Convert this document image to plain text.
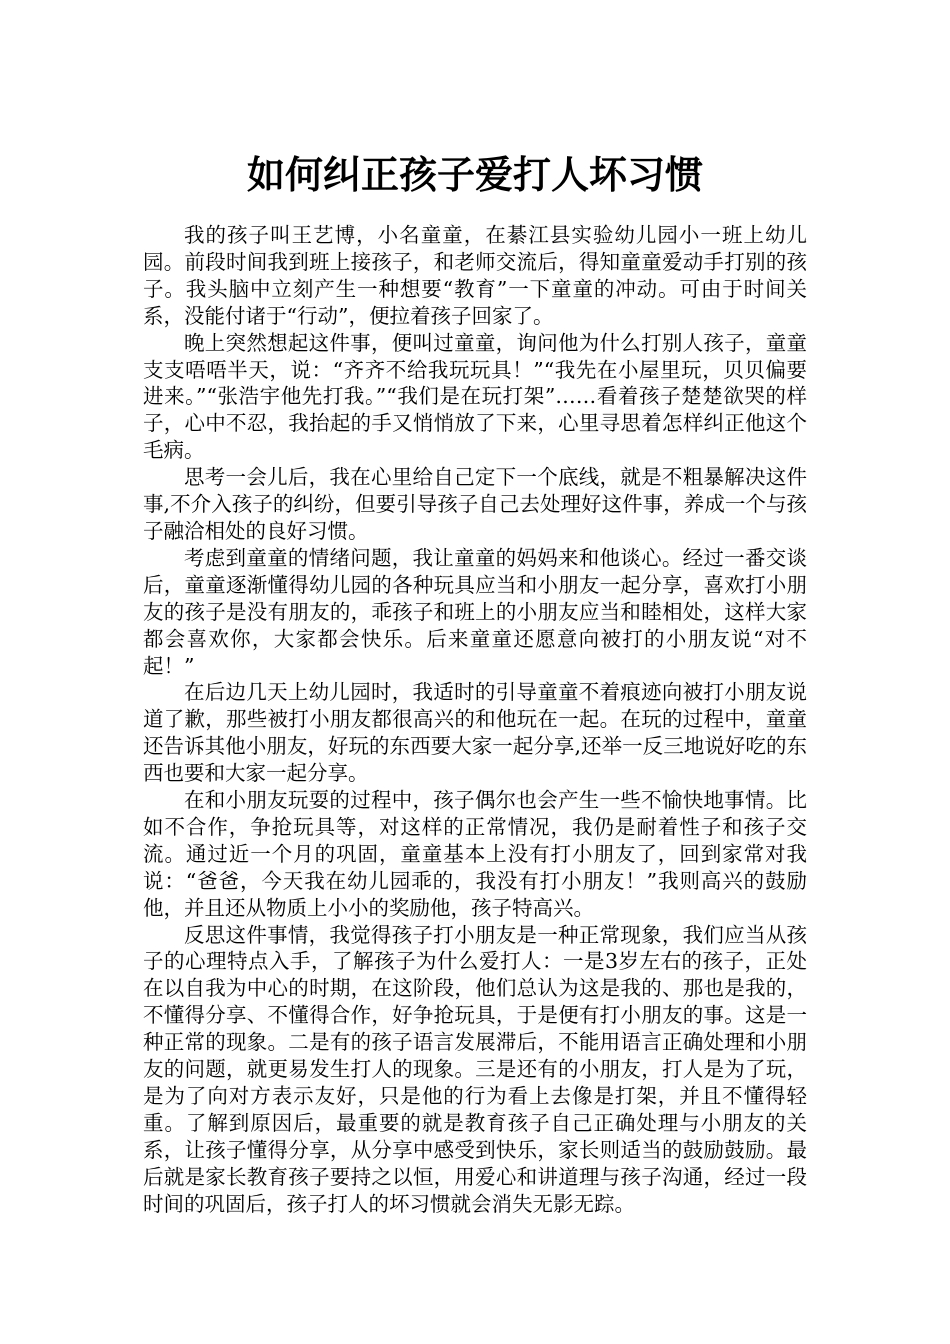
如何纠正孩子爱打人坏习惯

我的孩子叫王艺博，小名童童，在綦江县实验幼儿园小一班上幼儿园。前段时间我到班上接孩子，和老师交流后，得知童童爱动手打别的孩子。我头脑中立刻产生一种想要“教育”一下童童的冲动。可由于时间关系，没能付诸于“行动”，便拉着孩子回家了。

晚上突然想起这件事，便叫过童童，询问他为什么打别人孩子，童童支支唔唔半天，说：“齐齐不给我玩玩具！”“我先在小屋里玩，贝贝偏要进来。”“张浩宇他先打我。”“我们是在玩打架”……看着孩子楚楚欲哭的样子，心中不忍，我抬起的手又悄悄放了下来，心里寻思着怎样纠正他这个毛病。

思考一会儿后，我在心里给自己定下一个底线，就是不粗暴解决这件事,不介入孩子的纠纷，但要引导孩子自己去处理好这件事，养成一个与孩子融洽相处的良好习惯。

考虑到童童的情绪问题，我让童童的妈妈来和他谈心。经过一番交谈后，童童逐渐懂得幼儿园的各种玩具应当和小朋友一起分享，喜欢打小朋友的孩子是没有朋友的，乖孩子和班上的小朋友应当和睦相处，这样大家都会喜欢你，大家都会快乐。后来童童还愿意向被打的小朋友说“对不起！”

在后边几天上幼儿园时，我适时的引导童童不着痕迹向被打小朋友说道了歉，那些被打小朋友都很高兴的和他玩在一起。在玩的过程中，童童还告诉其他小朋友，好玩的东西要大家一起分享,还举一反三地说好吃的东西也要和大家一起分享。

在和小朋友玩耍的过程中，孩子偶尔也会产生一些不愉快地事情。比如不合作，争抢玩具等，对这样的正常情况，我仍是耐着性子和孩子交流。通过近一个月的巩固，童童基本上没有打小朋友了，回到家常对我说：“爸爸，今天我在幼儿园乖的，我没有打小朋友！”我则高兴的鼓励他，并且还从物质上小小的奖励他，孩子特高兴。

反思这件事情，我觉得孩子打小朋友是一种正常现象，我们应当从孩子的心理特点入手，了解孩子为什么爱打人：一是3岁左右的孩子，正处在以自我为中心的时期，在这阶段，他们总认为这是我的、那也是我的，不懂得分享、不懂得合作，好争抢玩具，于是便有打小朋友的事。这是一种正常的现象。二是有的孩子语言发展滞后，不能用语言正确处理和小朋友的问题，就更易发生打人的现象。三是还有的小朋友，打人是为了玩，是为了向对方表示友好，只是他的行为看上去像是打架，并且不懂得轻重。了解到原因后，最重要的就是教育孩子自己正确处理与小朋友的关系，让孩子懂得分享，从分享中感受到快乐，家长则适当的鼓励鼓励。最后就是家长教育孩子要持之以恒，用爱心和讲道理与孩子沟通，经过一段时间的巩固后，孩子打人的坏习惯就会消失无影无踪。
